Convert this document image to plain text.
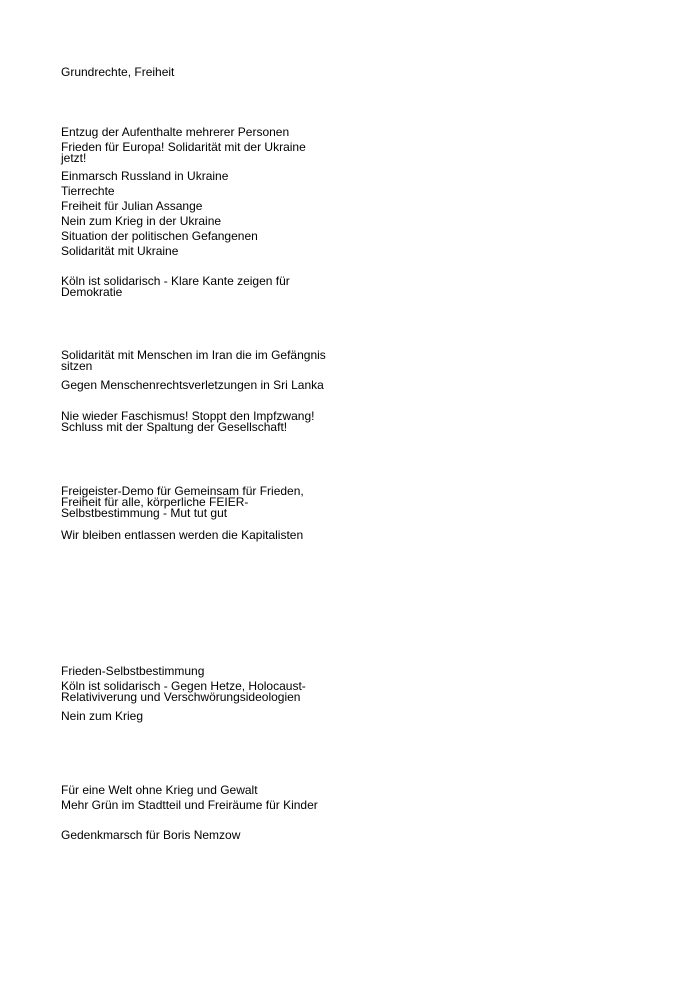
Grundrechte, Freiheit

Entzug der Aufenthalte mehrerer Personen

Frieden für Europa! Solidarität mit der Ukraine
jetzt!

Einmarsch Russland in Ukraine

Tierrechte

Freiheit für Julian Assange

Nein zum Krieg in der Ukraine

Situation der politischen Gefangenen

Solidarität mit Ukraine

Köln ist solidarisch - Klare Kante zeigen für
Demokratie

Solidarität mit Menschen im Iran die im Gefängnis
sitzen

Gegen Menschenrechtsverletzungen in Sri Lanka

Nie wieder Faschismus! Stoppt den Impfzwang!
Schluss mit der Spaltung der Gesellschaft!

Freigeister-Demo für Gemeinsam für Frieden,
Freiheit für alle, körperliche FEIER-
Selbstbestimmung - Mut tut gut

Wir bleiben entlassen werden die Kapitalisten

Frieden-Selbstbestimmung

Köln ist solidarisch - Gegen Hetze, Holocaust-
Relativiverung und Verschwörungsideologien

Nein zum Krieg

Für eine Welt ohne Krieg und Gewalt

Mehr Grün im Stadtteil und Freiräume für Kinder

Gedenkmarsch für Boris Nemzow
